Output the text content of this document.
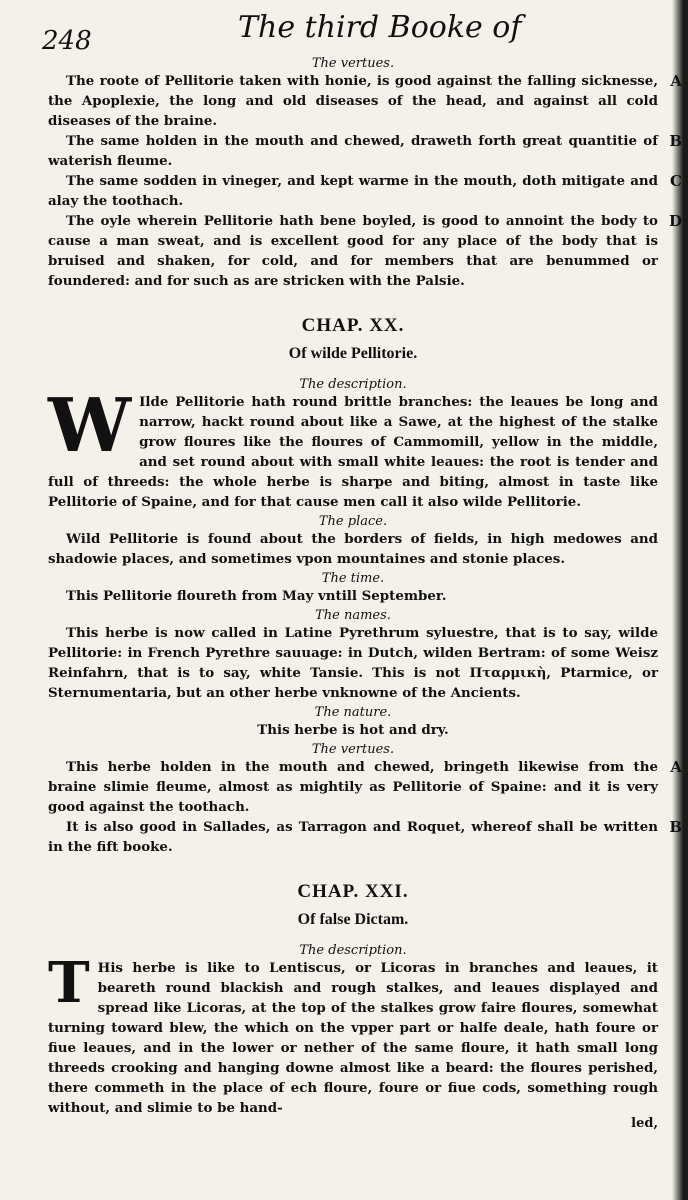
248	The third Booke of

The vertues.

The roote of Pellitorie taken with honie, is good against the falling sicknesse, the Apoplexie, the long and old diseases of the head, and against all cold diseases of the braine.
A

The same holden in the mouth and chewed, draweth forth great quantitie of waterish fleume.
B

The same sodden in vineger, and kept warme in the mouth, doth mitigate and alay the toothach.
C

The oyle wherein Pellitorie hath bene boyled, is good to annoint the body to cause a man sweat, and is excellent good for any place of the body that is bruised and shaken, for cold, and for members that are benummed or foundered: and for such as are stricken with the Palsie.
D

CHAP. XX.
Of wilde Pellitorie.

The description.

W Ilde Pellitorie hath round brittle branches: the leaues be long and narrow, hackt round about like a Sawe, at the highest of the stalke grow floures like the floures of Cammomill, yellow in the middle, and set round about with small white leaues: the root is tender and full of threeds: the whole herbe is sharpe and biting, almost in taste like Pellitorie of Spaine, and for that cause men call it also wilde Pellitorie.

The place.

Wild Pellitorie is found about the borders of fields, in high medowes and shadowie places, and sometimes vpon mountaines and stonie places.

The time.

This Pellitorie floureth from May vntill September.

The names.

This herbe is now called in Latine Pyrethrum syluestre, that is to say, wilde Pellitorie: in French Pyrethre sauuage: in Dutch, wilden Bertram: of some Weisz Reinfahrn, that is to say, white Tansie. This is not Πταρμικὴ, Ptarmice, or Sternumentaria, but an other herbe vnknowne of the Ancients.

The nature.

This herbe is hot and dry.

The vertues.

This herbe holden in the mouth and chewed, bringeth likewise from the braine slimie fleume, almost as mightily as Pellitorie of Spaine: and it is very good against the toothach.
A

It is also good in Sallades, as Tarragon and Roquet, whereof shall be written in the fift booke.
B

CHAP. XXI.
Of false Dictam.

The description.

T His herbe is like to Lentiscus, or Licoras in branches and leaues, it beareth round blackish and rough stalkes, and leaues displayed and spread like Licoras, at the top of the stalkes grow faire floures, somewhat turning toward blew, the which on the vpper part or halfe deale, hath foure or fiue leaues, and in the lower or nether of the same floure, it hath small long threeds crooking and hanging downe almost like a beard: the floures perished, there commeth in the place of ech floure, foure or fiue cods, something rough without, and slimie to be hand-

led,
